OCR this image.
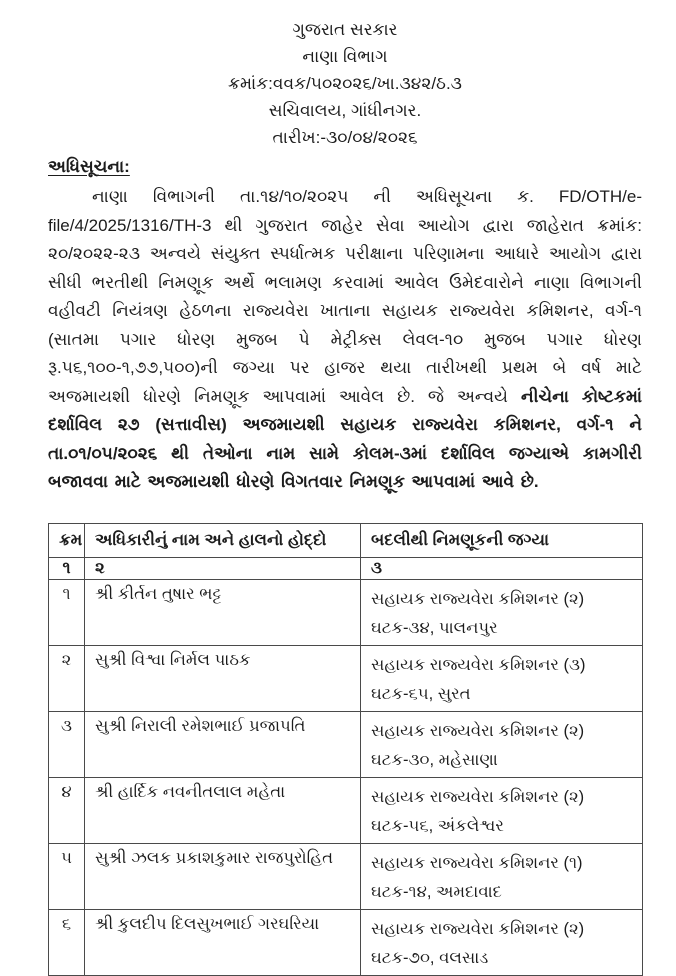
ગુજરાત સરકાર
નાણા વિભાગ
ક્રમાંક:વવક/૫૦૨૦૨૬/ખા.૩૪૨/ઠ.૩
સચિવાલય, ગાંધીનગર.
તારીખ:-૩૦/૦૪/૨૦૨૬
અધિસૂચના:

નાણા વિભાગની તા.૧૪/૧૦/૨૦૨૫ ની અધિસૂચના ક. FD/OTH/e-file/4/2025/1316/TH-3 થી ગુજરાત જાહેર સેવા આયોગ દ્વારા જાહેરાત ક્રમાંક: ૨૦/૨૦૨૨-૨૩ અન્વયે સંયુક્ત સ્પર્ધાત્મક પરીક્ષાના પરિણામના આધારે આયોગ દ્વારા સીધી ભરતીથી નિમણૂક અર્થે ભલામણ કરવામાં આવેલ ઉમેદવારોને નાણા વિભાગની વહીવટી નિયંત્રણ હેઠળના રાજ્યવેરા ખાતાના સહાયક રાજ્યવેરા કમિશનર, વર્ગ-૧ (સાતમા પગાર ધોરણ મુજબ પે મેટ્રીક્સ લેવલ-૧૦ મુજબ પગાર ધોરણ રૂ.૫૬,૧૦૦-૧,૭૭,૫૦૦)ની જગ્યા પર હાજર થયા તારીખથી પ્રથમ બે વર્ષ માટે અજમાયશી ધોરણે નિમણૂક આપવામાં આવેલ છે. જે અન્વયે નીચેના કોષ્ટકમાં દર્શાવિલ ૨૭ (સત્તાવીસ) અજમાયશી સહાયક રાજ્યવેરા કમિશનર, વર્ગ-૧ ને તા.૦૧/૦૫/૨૦૨૬ થી તેઓના નામ સામે કોલમ-૩માં દર્શાવિલ જગ્યાએ કામગીરી બજાવવા માટે અજમાયશી ધોરણે વિગતવાર નિમણૂક આપવામાં આવે છે.

ક્રમ	અધિકારીનું નામ અને હાલનો હોદ્દો	બદલીથી નિમણૂકની જગ્યા
૧	૨	૩
૧	શ્રી કીર્તન તુષાર ભટ્ટ	સહાયક રાજ્યવેરા કમિશનર (૨)
ઘટક-૩૪, પાલનપુર

૨	સુશ્રી વિશ્વા નિર્મલ પાઠક	સહાયક રાજ્યવેરા કમિશનર (૩)
ઘટક-૬૫, સુરત

૩	સુશ્રી નિરાલી રમેશભાઈ પ્રજાપતિ	સહાયક રાજ્યવેરા કમિશનર (૨)
ઘટક-૩૦, મહેસાણા

૪	શ્રી હાર્દિક નવનીતલાલ મહેતા	સહાયક રાજ્યવેરા કમિશનર (૨)
ઘટક-૫૬, અંકલેશ્વર

૫	સુશ્રી ઝલક પ્રકાશકુમાર રાજપુરોહિત	સહાયક રાજ્યવેરા કમિશનર (૧)
ઘટક-૧૪, અમદાવાદ

૬	શ્રી કુલદીપ દિલસુખભાઈ ગરઘરિયા	સહાયક રાજ્યવેરા કમિશનર (૨)
ઘટક-૭૦, વલસાડ
